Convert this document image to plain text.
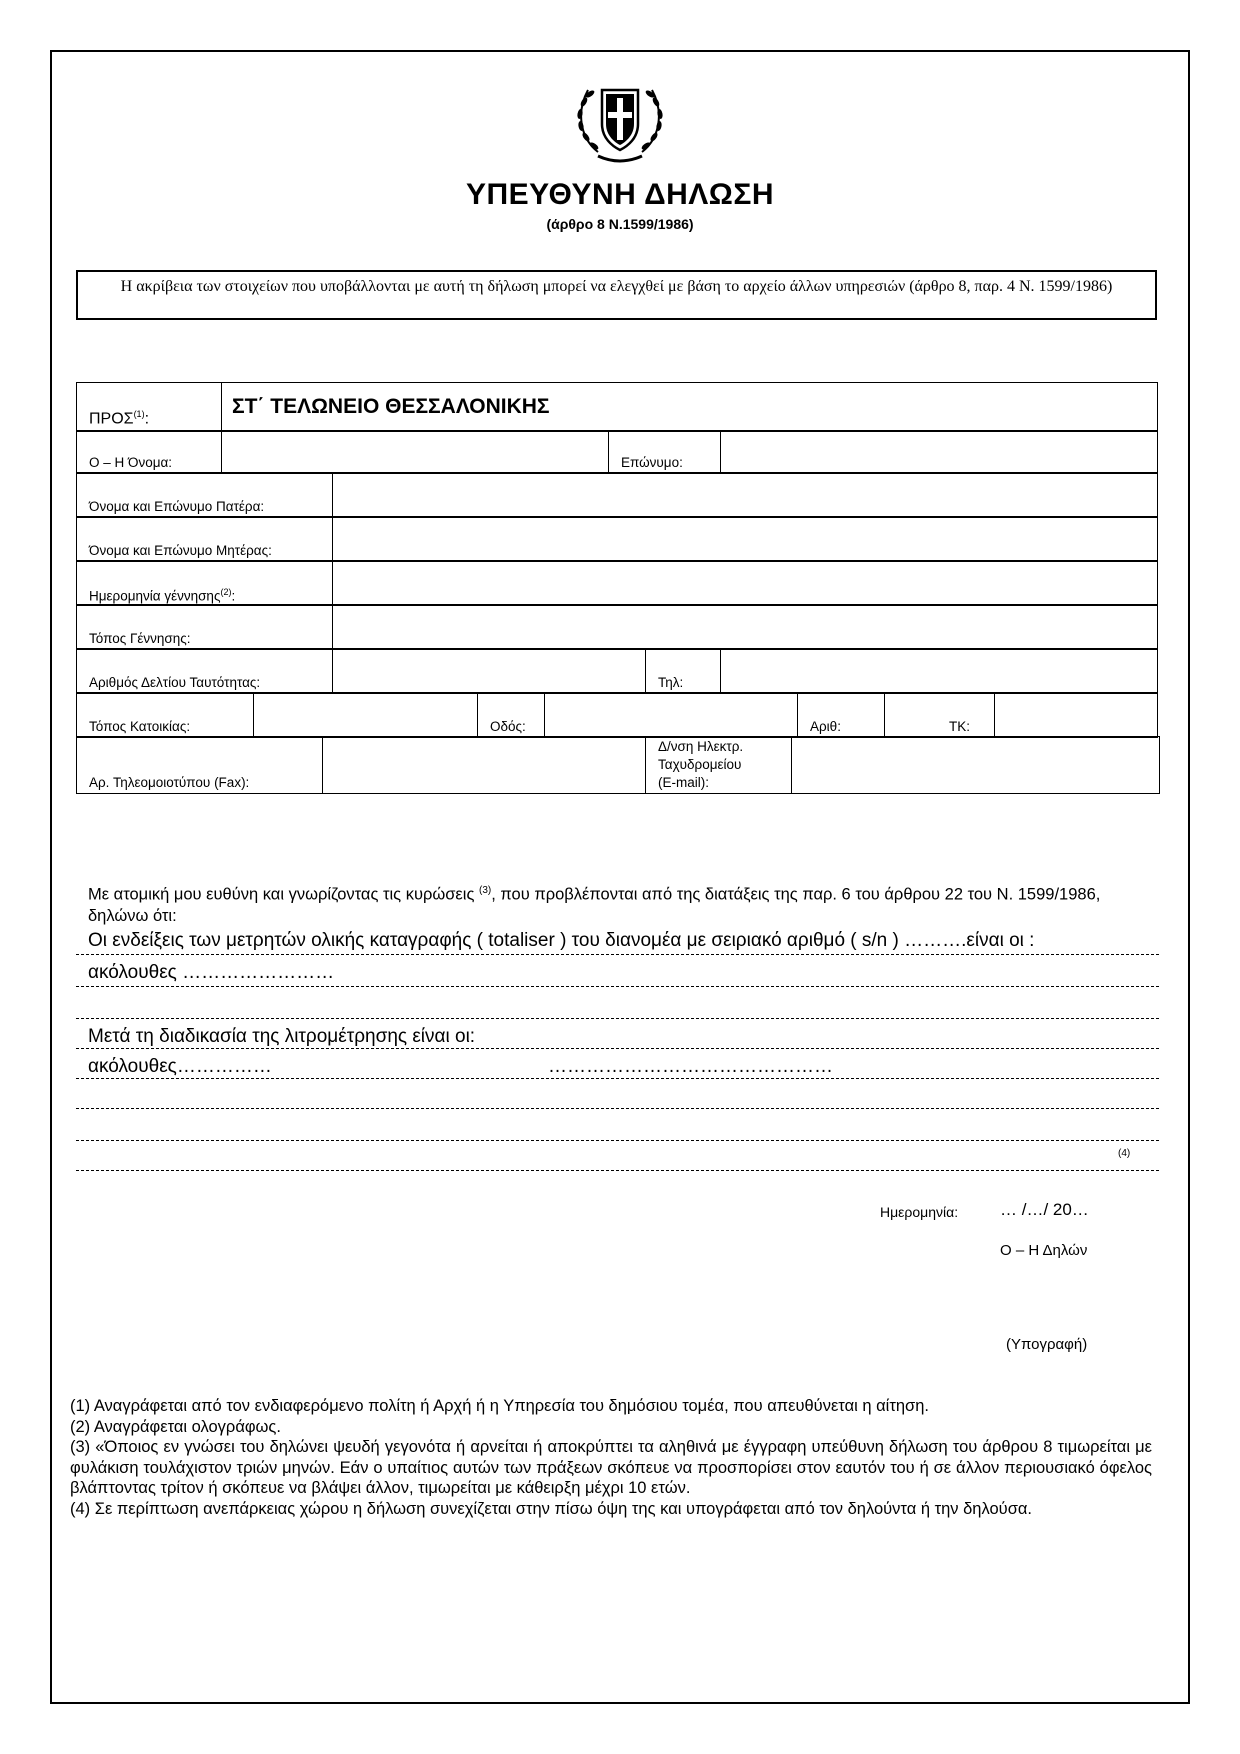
ΥΠΕΥΘΥΝΗ ΔΗΛΩΣΗ
(άρθρο 8 Ν.1599/1986)
Η ακρίβεια των στοιχείων που υποβάλλονται με αυτή τη δήλωση μπορεί να ελεγχθεί με βάση το αρχείο άλλων υπηρεσιών (άρθρο 8, παρ. 4 Ν. 1599/1986)
ΠΡΟΣ$^{(1)}$:
ΣΤ΄ ΤΕΛΩΝΕΙΟ ΘΕΣΣΑΛΟΝΙΚΗΣ
Ο – Η Όνομα:	Επώνυμο:
Όνομα και Επώνυμο Πατέρα:
Όνομα και Επώνυμο Μητέρας:
Ημερομηνία γέννησης$^{(2)}$:
Τόπος Γέννησης:
Αριθμός Δελτίου Ταυτότητας:	Τηλ:
Τόπος Κατοικίας:	Οδός:	Αριθ:	ΤΚ:
Αρ. Τηλεομοιοτύπου (Fax):
Δ/νση Ηλεκτρ.
Ταχυδρομείου
(E-mail):
Με ατομική μου ευθύνη και γνωρίζοντας τις κυρώσεις $^{(3)}$, που προβλέπονται από της διατάξεις της παρ. 6 του άρθρου 22 του Ν. 1599/1986, δηλώνω ότι:
Οι ενδείξεις των μετρητών ολικής καταγραφής ( totaliser ) του διανομέα με σειριακό αριθμό ( s/n ) ……….είναι οι :
ακόλουθες ……………………
Μετά τη διαδικασία της λιτρομέτρησης είναι οι:
ακόλουθες……………	………………………………………
(4)
Ημερομηνία: … /…/ 20…
Ο – Η Δηλών
(Υπογραφή)

(1) Αναγράφεται από τον ενδιαφερόμενο πολίτη ή Αρχή ή η Υπηρεσία του δημόσιου τομέα, που απευθύνεται η αίτηση.

(2) Αναγράφεται ολογράφως.

(3) «Όποιος εν γνώσει του δηλώνει ψευδή γεγονότα ή αρνείται ή αποκρύπτει τα αληθινά με έγγραφη υπεύθυνη δήλωση του άρθρου 8 τιμωρείται με φυλάκιση τουλάχιστον τριών μηνών. Εάν ο υπαίτιος αυτών των πράξεων σκόπευε να προσπορίσει στον εαυτόν του ή σε άλλον περιουσιακό όφελος βλάπτοντας τρίτον ή σκόπευε να βλάψει άλλον, τιμωρείται με κάθειρξη μέχρι 10 ετών.

(4) Σε περίπτωση ανεπάρκειας χώρου η δήλωση συνεχίζεται στην πίσω όψη της και υπογράφεται από τον δηλούντα ή την δηλούσα.
